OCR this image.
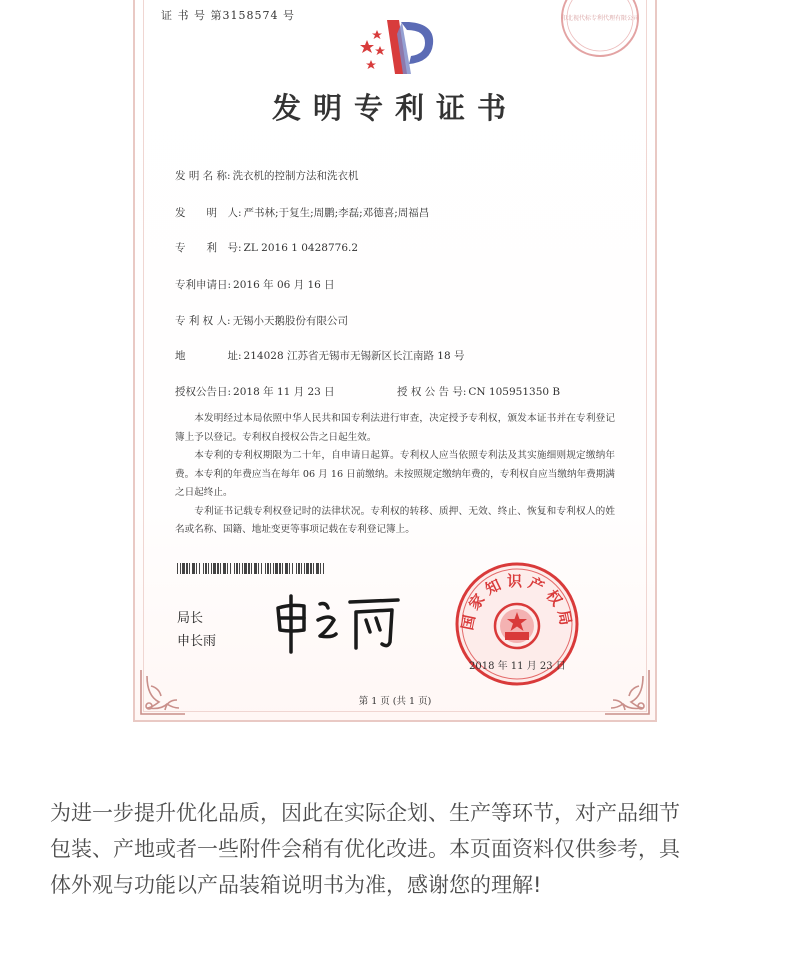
证 书 号 第3158574 号	印北视代标专利代理有限公司
发明专利证书
发 明 名 称: 洗衣机的控制方法和洗衣机
发　　明　人: 严书林;于复生;周鹏;李磊;邓德喜;周福昌
专　　利　号: ZL 2016 1 0428776.2
专利申请日: 2016 年 06 月 16 日
专 利 权 人: 无锡小天鹅股份有限公司
地　　　　址: 214028 江苏省无锡市无锡新区长江南路 18 号
授权公告日: 2018 年 11 月 23 日	授 权 公 告 号: CN 105951350 B

本发明经过本局依照中华人民共和国专利法进行审查，决定授予专利权，颁发本证书并在专利登记簿上予以登记。专利权自授权公告之日起生效。

本专利的专利权期限为二十年，自申请日起算。专利权人应当依照专利法及其实施细则规定缴纳年费。本专利的年费应当在每年 06 月 16 日前缴纳。未按照规定缴纳年费的，专利权自应当缴纳年费期满之日起终止。

专利证书记载专利权登记时的法律状况。专利权的转移、质押、无效、终止、恢复和专利权人的姓名或名称、国籍、地址变更等事项记载在专利登记簿上。

局长
申长雨
国家知识产权局
2018 年 11 月 23 日
第 1 页 (共 1 页)

为进一步提升优化品质，因此在实际企划、生产等环节，对产品细节

包装、产地或者一些附件会稍有优化改进。本页面资料仅供参考，具

体外观与功能以产品装箱说明书为准，感谢您的理解!
